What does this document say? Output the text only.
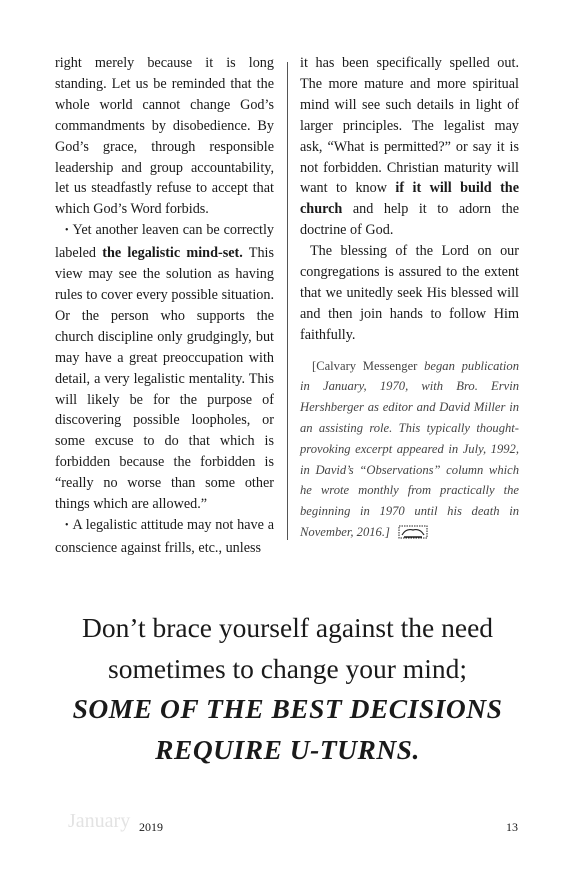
right merely because it is long standing. Let us be reminded that the whole world cannot change God’s commandments by disobedience. By God’s grace, through responsible leadership and group accountability, let us steadfastly refuse to accept that which God’s Word forbids.

• Yet another leaven can be correctly labeled the legalistic mind-set. This view may see the solution as having rules to cover every possible situation. Or the person who supports the church discipline only grudgingly, but may have a great preoccupation with detail, a very legalistic mentality. This will likely be for the purpose of discovering possible loopholes, or some excuse to do that which is forbidden because the forbidden is “really no worse than some other things which are allowed.”

• A legalistic attitude may not have a conscience against frills, etc., unless

it has been specifically spelled out. The more mature and more spiritual mind will see such details in light of larger principles. The legalist may ask, “What is permitted?” or say it is not forbidden. Christian maturity will want to know if it will build the church and help it to adorn the doctrine of God.

The blessing of the Lord on our congregations is assured to the extent that we unitedly seek His blessed will and then join hands to follow Him faithfully.

[Calvary Messenger began publication in January, 1970, with Bro. Ervin Hershberger as editor and David Miller in an assisting role. This typically thought-provoking excerpt appeared in July, 1992, in David’s “Observations” column which he wrote monthly from practically the beginning in 1970 until his death in November, 2016.]

Don’t brace yourself against the need

sometimes to change your mind;

SOME OF THE BEST DECISIONS

REQUIRE U-TURNS.

January 2019	13
